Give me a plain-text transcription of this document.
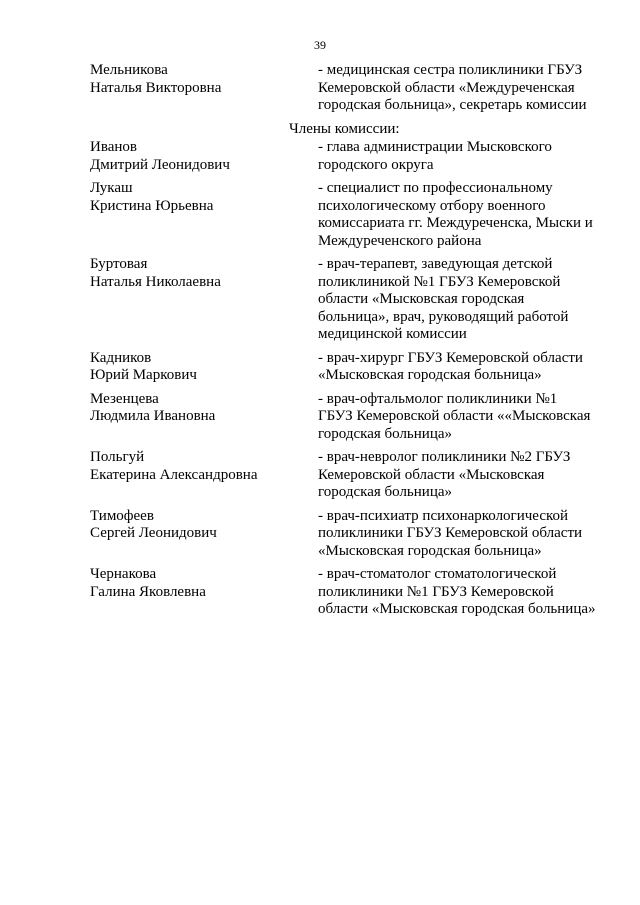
39
Мельникова
Наталья Викторовна
- медицинская сестра поликлиники ГБУЗ
Кемеровской области «Междуреченская
городская больница», секретарь комиссии
Члены комиссии:
Иванов
Дмитрий Леонидович
- глава администрации Мысковского
городского округа
Лукаш
Кристина Юрьевна
- специалист по профессиональному
психологическому отбору военного
комиссариата гг. Междуреченска, Мыски и
Междуреченского района
Буртовая
Наталья Николаевна
- врач-терапевт, заведующая детской
поликлиникой №1 ГБУЗ Кемеровской
области «Мысковская городская
больница», врач, руководящий работой
медицинской комиссии
Кадников
Юрий Маркович
- врач-хирург ГБУЗ Кемеровской области
«Мысковская городская больница»
Мезенцева
Людмила Ивановна
- врач-офтальмолог поликлиники №1
ГБУЗ Кемеровской области ««Мысковская
городская больница»
Польгуй
Екатерина Александровна
- врач-невролог поликлиники №2 ГБУЗ
Кемеровской области «Мысковская
городская больница»
Тимофеев
Сергей Леонидович
- врач-психиатр психонаркологической
поликлиники ГБУЗ Кемеровской области
«Мысковская городская больница»
Чернакова
Галина Яковлевна
- врач-стоматолог стоматологической
поликлиники №1 ГБУЗ Кемеровской
области «Мысковская городская больница»
